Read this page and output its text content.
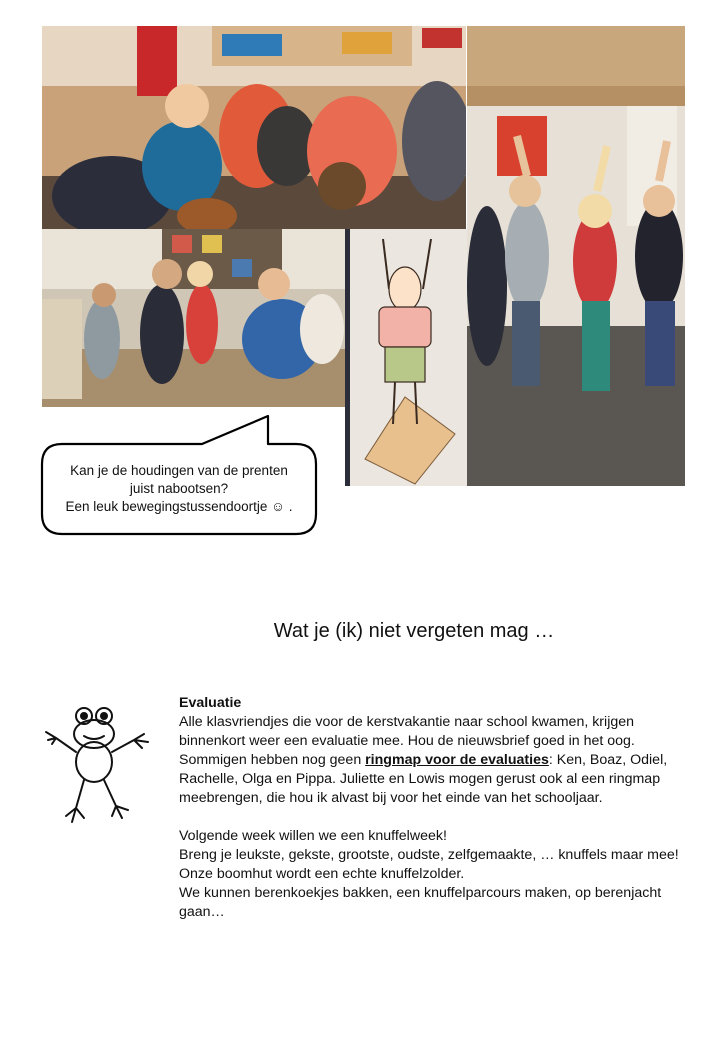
Kan je de houdingen van de prenten

juist nabootsen?

Een leuk bewegingstussendoortje ☺ .

Wat je (ik) niet vergeten mag …

Evaluatie

Alle klasvriendjes die voor de kerstvakantie naar school kwamen, krijgen

binnenkort weer een evaluatie mee. Hou de nieuwsbrief goed in het oog.

Sommigen hebben nog geen ringmap voor de evaluaties: Ken, Boaz, Odiel,

Rachelle, Olga en Pippa. Juliette en Lowis mogen gerust ook al een ringmap

meebrengen, die hou ik alvast bij voor het einde van het schooljaar.

Volgende week willen we een knuffelweek!

Breng je leukste, gekste, grootste, oudste, zelfgemaakte, … knuffels maar mee!

Onze boomhut wordt een echte knuffelzolder.

We kunnen berenkoekjes bakken, een knuffelparcours maken, op berenjacht

gaan…
